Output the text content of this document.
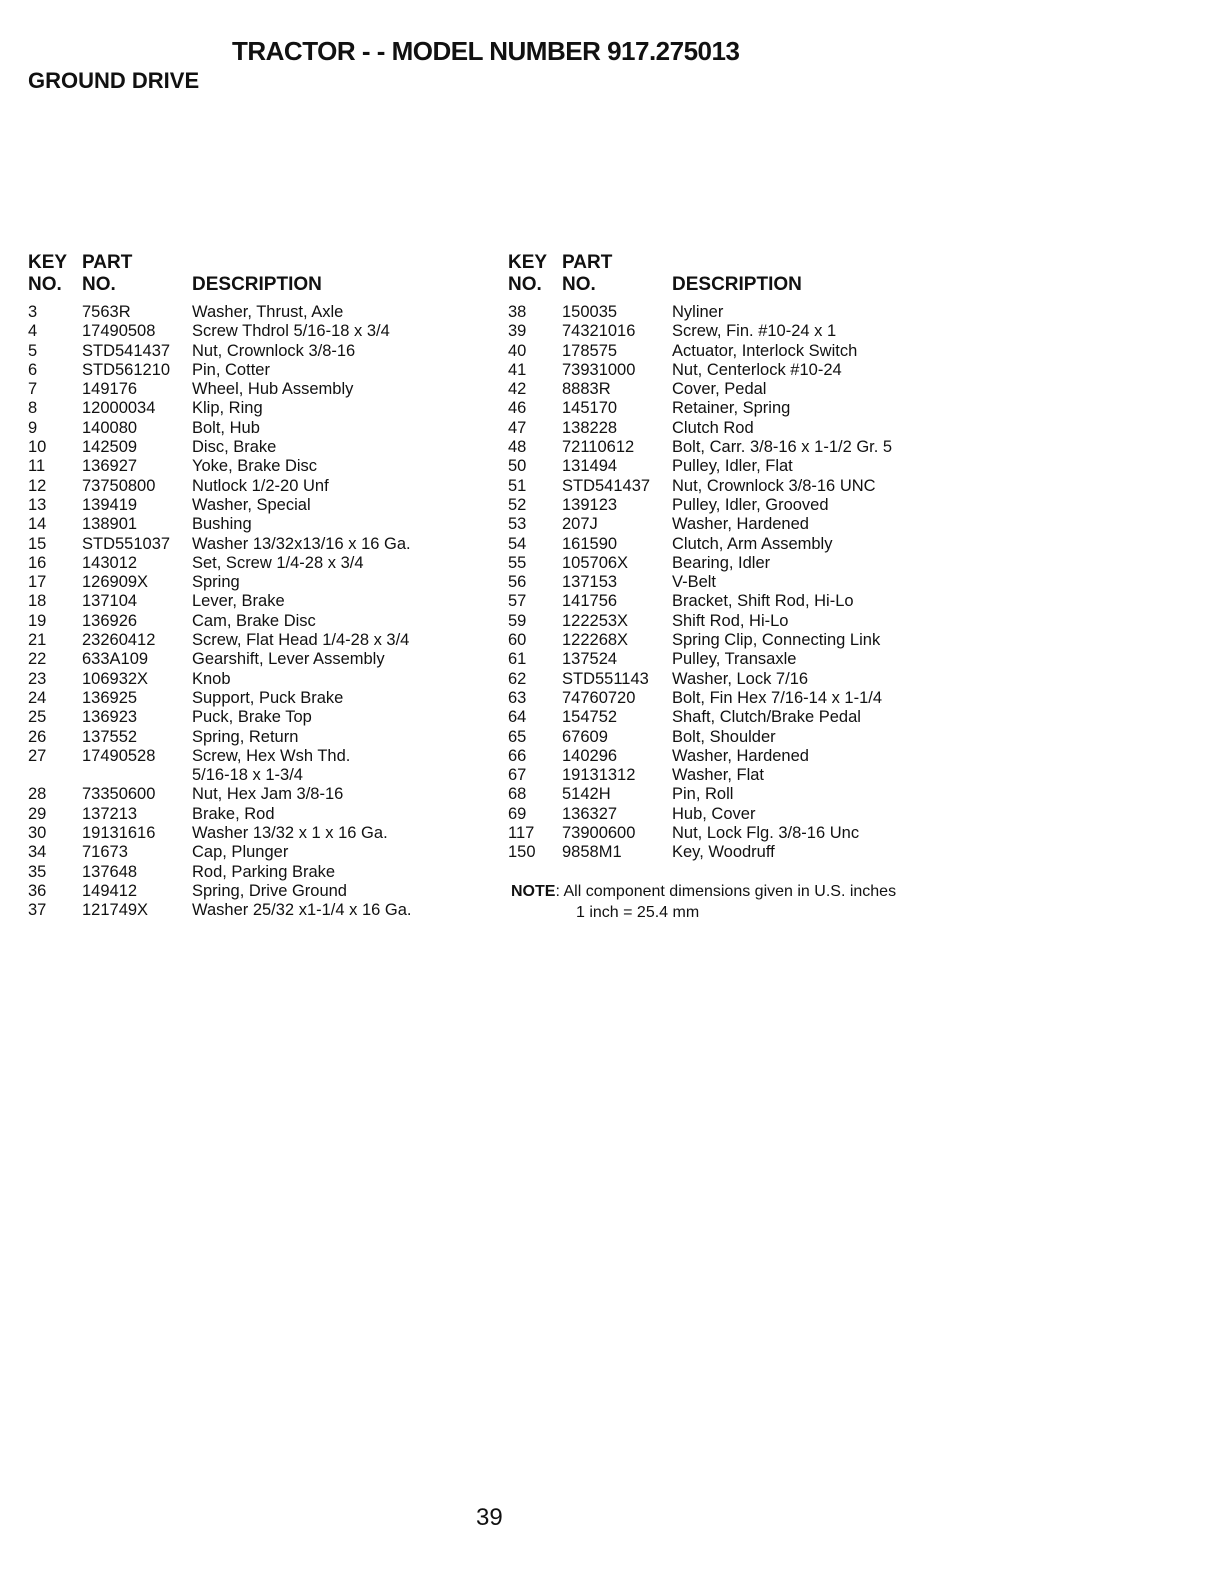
TRACTOR - - MODEL NUMBER 917.275013
GROUND DRIVE
KEY	PART	
NO.	NO.	DESCRIPTION
3	7563R	Washer, Thrust, Axle
4	17490508	Screw Thdrol 5/16-18 x 3/4
5	STD541437	Nut, Crownlock 3/8-16
6	STD561210	Pin, Cotter
7	149176	Wheel, Hub Assembly
8	12000034	Klip, Ring
9	140080	Bolt, Hub
10	142509	Disc, Brake
11	136927	Yoke, Brake Disc
12	73750800	Nutlock 1/2-20 Unf
13	139419	Washer, Special
14	138901	Bushing
15	STD551037	Washer 13/32x13/16 x 16 Ga.
16	143012	Set, Screw 1/4-28 x 3/4
17	126909X	Spring
18	137104	Lever, Brake
19	136926	Cam, Brake Disc
21	23260412	Screw, Flat Head 1/4-28 x 3/4
22	633A109	Gearshift, Lever Assembly
23	106932X	Knob
24	136925	Support, Puck Brake
25	136923	Puck, Brake Top
26	137552	Spring, Return
27	17490528	Screw, Hex Wsh Thd.
		5/16-18 x 1-3/4
28	73350600	Nut, Hex Jam 3/8-16
29	137213	Brake, Rod
30	19131616	Washer 13/32 x 1 x 16 Ga.
34	71673	Cap, Plunger
35	137648	Rod, Parking Brake
36	149412	Spring, Drive Ground
37	121749X	Washer 25/32 x1-1/4 x 16 Ga.
KEY	PART	
NO.	NO.	DESCRIPTION
38	150035	Nyliner
39	74321016	Screw, Fin. #10-24 x 1
40	178575	Actuator, Interlock Switch
41	73931000	Nut, Centerlock #10-24
42	8883R	Cover, Pedal
46	145170	Retainer, Spring
47	138228	Clutch Rod
48	72110612	Bolt, Carr. 3/8-16 x 1-1/2 Gr. 5
50	131494	Pulley, Idler, Flat
51	STD541437	Nut, Crownlock 3/8-16 UNC
52	139123	Pulley, Idler, Grooved
53	207J	Washer, Hardened
54	161590	Clutch, Arm Assembly
55	105706X	Bearing, Idler
56	137153	V-Belt
57	141756	Bracket, Shift Rod, Hi-Lo
59	122253X	Shift Rod, Hi-Lo
60	122268X	Spring Clip, Connecting Link
61	137524	Pulley, Transaxle
62	STD551143	Washer, Lock 7/16
63	74760720	Bolt, Fin Hex 7/16-14 x 1-1/4
64	154752	Shaft, Clutch/Brake Pedal
65	67609	Bolt, Shoulder
66	140296	Washer, Hardened
67	19131312	Washer, Flat
68	5142H	Pin, Roll
69	136327	Hub, Cover
117	73900600	Nut, Lock Flg. 3/8-16 Unc
150	9858M1	Key, Woodruff
NOTE: All component dimensions given in U.S. inches
1 inch = 25.4 mm
39
